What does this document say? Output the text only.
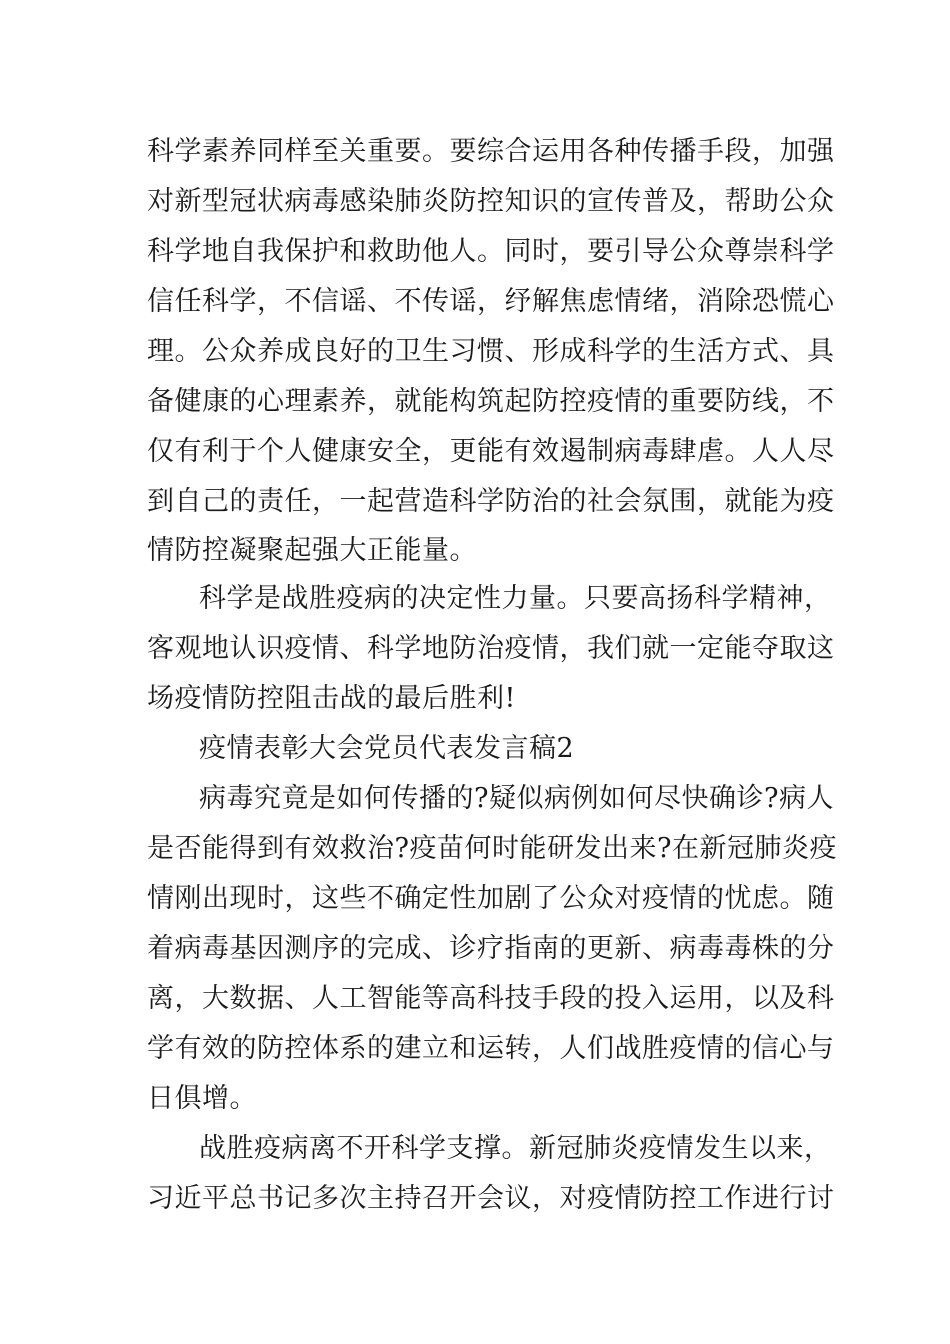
科学素养同样至关重要。要综合运用各种传播手段，加强
对新型冠状病毒感染肺炎防控知识的宣传普及，帮助公众
科学地自我保护和救助他人。同时，要引导公众尊崇科学
信任科学，不信谣、不传谣，纾解焦虑情绪，消除恐慌心
理。公众养成良好的卫生习惯、形成科学的生活方式、具
备健康的心理素养，就能构筑起防控疫情的重要防线，不
仅有利于个人健康安全，更能有效遏制病毒肆虐。人人尽
到自己的责任，一起营造科学防治的社会氛围，就能为疫
情防控凝聚起强大正能量。
科学是战胜疫病的决定性力量。只要高扬科学精神，
客观地认识疫情、科学地防治疫情，我们就一定能夺取这
场疫情防控阻击战的最后胜利!
疫情表彰大会党员代表发言稿2
病毒究竟是如何传播的?疑似病例如何尽快确诊?病人
是否能得到有效救治?疫苗何时能研发出来?在新冠肺炎疫
情刚出现时，这些不确定性加剧了公众对疫情的忧虑。随
着病毒基因测序的完成、诊疗指南的更新、病毒毒株的分
离，大数据、人工智能等高科技手段的投入运用，以及科
学有效的防控体系的建立和运转，人们战胜疫情的信心与
日俱增。
战胜疫病离不开科学支撑。新冠肺炎疫情发生以来，
习近平总书记多次主持召开会议，对疫情防控工作进行讨
